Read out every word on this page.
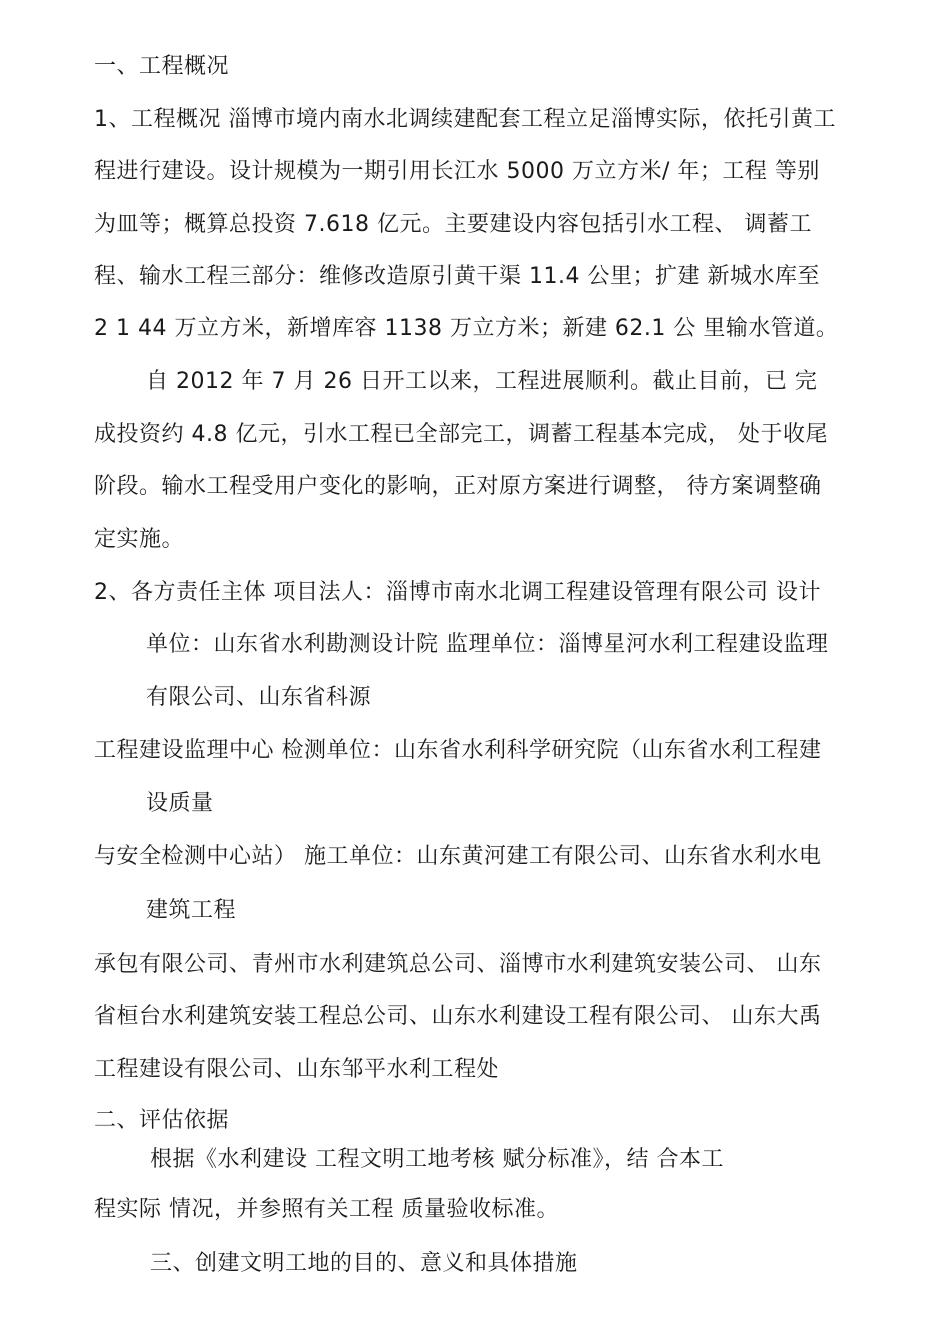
一、工程概况
1、工程概况 淄博市境内南水北调续建配套工程立足淄博实际，依托引黄工
程进行建设。设计规模为一期引用长江水 5000 万立方米/ 年；工程 等别
为皿等；概算总投资 7.618 亿元。主要建设内容包括引水工程、 调蓄工
程、输水工程三部分：维修改造原引黄干渠 11.4 公里；扩建 新城水库至
2 1 44 万立方米，新增库容 1138 万立方米；新建 62.1 公 里输水管道。
自 2012 年 7 月 26 日开工以来，工程进展顺利。截止目前，已 完
成投资约 4.8 亿元，引水工程已全部完工，调蓄工程基本完成， 处于收尾
阶段。输水工程受用户变化的影响，正对原方案进行调整， 待方案调整确
定实施。
2、各方责任主体 项目法人：淄博市南水北调工程建设管理有限公司 设计
单位：山东省水利勘测设计院 监理单位：淄博星河水利工程建设监理
有限公司、山东省科源
工程建设监理中心 检测单位：山东省水利科学研究院（山东省水利工程建
设质量
与安全检测中心站） 施工单位：山东黄河建工有限公司、山东省水利水电
建筑工程
承包有限公司、青州市水利建筑总公司、淄博市水利建筑安装公司、 山东
省桓台水利建筑安装工程总公司、山东水利建设工程有限公司、 山东大禹
工程建设有限公司、山东邹平水利工程处
二、评估依据
根据《水利建设 工程文明工地考核 赋分标准》，结 合本工
程实际 情况，并参照有关工程 质量验收标准。
三、创建文明工地的目的、意义和具体措施
